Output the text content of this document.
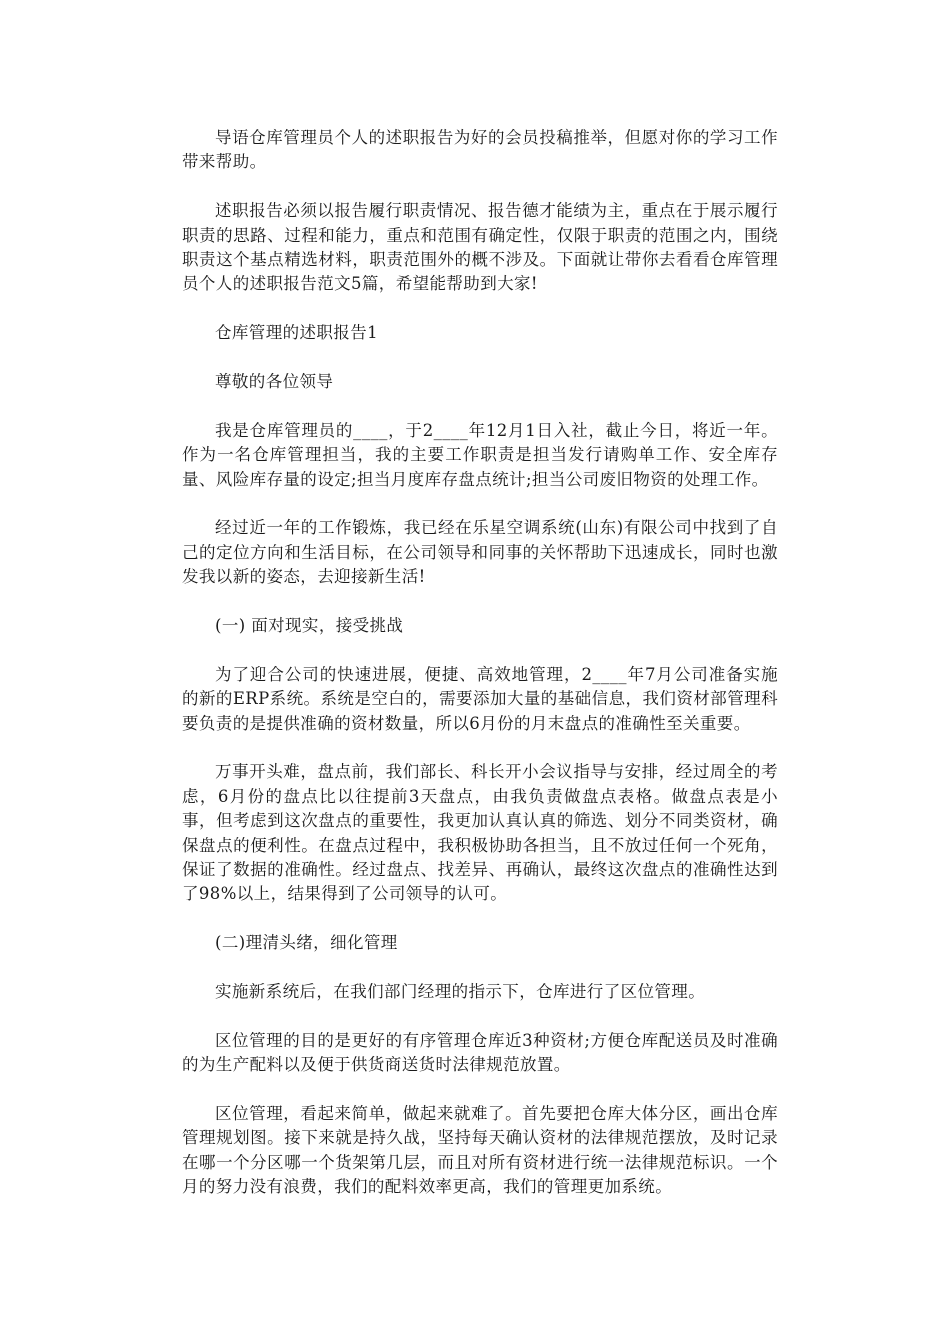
导语仓库管理员个人的述职报告为好的会员投稿推举，但愿对你的学习工作带来帮助。

述职报告必须以报告履行职责情况、报告德才能绩为主，重点在于展示履行职责的思路、过程和能力，重点和范围有确定性，仅限于职责的范围之内，围绕职责这个基点精选材料，职责范围外的概不涉及。下面就让带你去看看仓库管理员个人的述职报告范文5篇，希望能帮助到大家!

仓库管理的述职报告1

尊敬的各位领导

我是仓库管理员的____，于2____年12月1日入社，截止今日，将近一年。作为一名仓库管理担当，我的主要工作职责是担当发行请购单工作、安全库存量、风险库存量的设定;担当月度库存盘点统计;担当公司废旧物资的处理工作。

经过近一年的工作锻炼，我已经在乐星空调系统(山东)有限公司中找到了自己的定位方向和生活目标，在公司领导和同事的关怀帮助下迅速成长，同时也激发我以新的姿态，去迎接新生活!

(一) 面对现实，接受挑战

为了迎合公司的快速进展，便捷、高效地管理，2____年7月公司准备实施的新的ERP系统。系统是空白的，需要添加大量的基础信息，我们资材部管理科要负责的是提供准确的资材数量，所以6月份的月末盘点的准确性至关重要。

万事开头难，盘点前，我们部长、科长开小会议指导与安排，经过周全的考虑，6月份的盘点比以往提前3天盘点，由我负责做盘点表格。做盘点表是小事，但考虑到这次盘点的重要性，我更加认真认真的筛选、划分不同类资材，确保盘点的便利性。在盘点过程中，我积极协助各担当，且不放过任何一个死角，保证了数据的准确性。经过盘点、找差异、再确认，最终这次盘点的准确性达到了98%以上，结果得到了公司领导的认可。

(二)理清头绪，细化管理

实施新系统后，在我们部门经理的指示下，仓库进行了区位管理。

区位管理的目的是更好的有序管理仓库近3种资材;方便仓库配送员及时准确的为生产配料以及便于供货商送货时法律规范放置。

区位管理，看起来简单，做起来就难了。首先要把仓库大体分区，画出仓库管理规划图。接下来就是持久战，坚持每天确认资材的法律规范摆放，及时记录在哪一个分区哪一个货架第几层，而且对所有资材进行统一法律规范标识。一个月的努力没有浪费，我们的配料效率更高，我们的管理更加系统。
